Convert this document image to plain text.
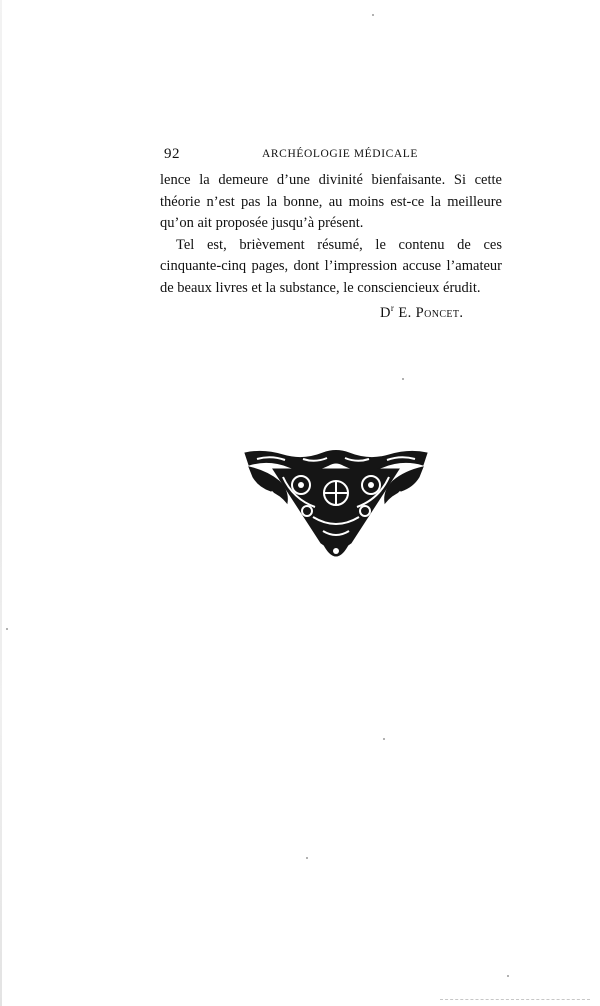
92	ARCHÉOLOGIE MÉDICALE

lence la demeure d’une divinité bienfaisante. Si cette théorie n’est pas la bonne, au moins est-ce la meilleure qu’on ait proposée jusqu’à présent.

Tel est, brièvement résumé, le contenu de ces cinquante-cinq pages, dont l’impression accuse l’amateur de beaux livres et la substance, le consciencieux érudit.

$D^r$ E. Poncet.
